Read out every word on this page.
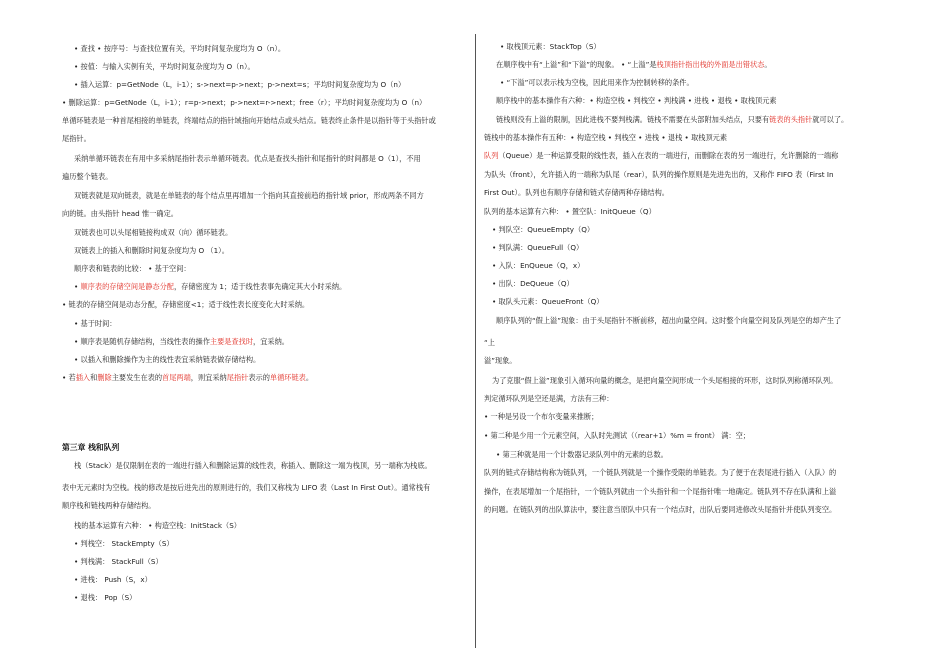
• 查找 • 按序号：与查找位置有关，平均时间复杂度均为 O（n）。
• 按值：与输入实例有关，平均时间复杂度均为 O（n）。
• 插入运算：p=GetNode（L，i-1）；s->next=p->next；p->next=s；平均时间复杂度均为 O（n）
• 删除运算：p=GetNode（L，i-1）；r=p->next；p->next=r->next；free（r）；平均时间复杂度均为 O（n）
单循环链表是一种首尾相接的单链表，终端结点的指针域指向开始结点或头结点。链表终止条件是以指针等于头指针或
尾指针。
采纳单循环链表在有用中多采纳尾指针表示单循环链表。优点是查找头指针和尾指针的时间都是 O（1），不用
遍历整个链表。
双链表就是双向链表，就是在单链表的每个结点里再增加一个指向其直接前趋的指针域 prior，形成两条不同方
向的链。由头指针 head 惟一确定。
双链表也可以头尾相链接构成双（向）循环链表。
双链表上的插入和删除时间复杂度均为 O （1）。
顺序表和链表的比较： • 基于空间：
• 顺序表的存储空间是静态分配，存储密度为 1；适于线性表事先确定其大小时采纳。
• 链表的存储空间是动态分配，存储密度<1；适于线性表长度变化大时采纳。
• 基于时间：
• 顺序表是随机存储结构，当线性表的操作主要是查找时，宜采纳。
• 以插入和删除操作为主的线性表宜采纳链表做存储结构。
• 若插入和删除主要发生在表的首尾两端，则宜采纳尾指针表示的单循环链表。
第三章 栈和队列
栈（Stack）是仅限制在表的一端进行插入和删除运算的线性表，称插入、删除这一端为栈顶，另一端称为栈底。
表中无元素时为空栈。栈的修改是按后进先出的原则进行的，我们又称栈为 LIFO 表（Last In First Out）。通常栈有
顺序栈和链栈两种存储结构。
栈的基本运算有六种： • 构造空栈：InitStack（S）
• 判栈空： StackEmpty（S）
• 判栈满： StackFull（S）
• 进栈： Push（S，x）
• 退栈： Pop（S）
• 取栈顶元素：StackTop（S）
在顺序栈中有“上溢”和“下溢”的现象。 • “上溢”是栈顶指针指出栈的外面是出错状态。
• “下溢”可以表示栈为空栈，因此用来作为控制转移的条件。
顺序栈中的基本操作有六种：• 构造空栈 • 判栈空 • 判栈满 • 进栈 • 退栈 • 取栈顶元素
链栈则没有上溢的限制，因此进栈不要判栈满。链栈不需要在头部附加头结点，只要有链表的头指针就可以了。
链栈中的基本操作有五种：• 构造空栈 • 判栈空 • 进栈 • 退栈 • 取栈顶元素
队列（Queue）是一种运算受限的线性表，插入在表的一端进行，而删除在表的另一端进行，允许删除的一端称
为队头（front），允许插入的一端称为队尾（rear），队列的操作原则是先进先出的，又称作 FIFO 表（First In
First Out）。队列也有顺序存储和链式存储两种存储结构。
队列的基本运算有六种： • 置空队：InitQueue（Q）
• 判队空：QueueEmpty（Q）
• 判队满：QueueFull（Q）
• 入队：EnQueue（Q，x）
• 出队：DeQueue（Q）
• 取队头元素：QueueFront（Q）
顺序队列的“假上溢”现象：由于头尾指针不断前移，超出向量空间。这时整个向量空间及队列是空的却产生了
“上
溢”现象。
为了克服“假上溢”现象引入循环向量的概念，是把向量空间形成一个头尾相接的环形，这时队列称循环队列。
判定循环队列是空还是满，方法有三种：
• 一种是另设一个布尔变量来推断；
• 第二种是少用一个元素空间，入队时先测试（（rear+1）%m = front） 满：空；
• 第三种就是用一个计数器记录队列中的元素的总数。
队列的链式存储结构称为链队列，一个链队列就是一个操作受限的单链表。为了便于在表尾进行插入（入队）的
操作，在表尾增加一个尾指针，一个链队列就由一个头指针和一个尾指针唯一地确定。链队列不存在队满和上溢
的问题。在链队列的出队算法中，要注意当原队中只有一个结点时，出队后要同进修改头尾指针并使队列变空。
